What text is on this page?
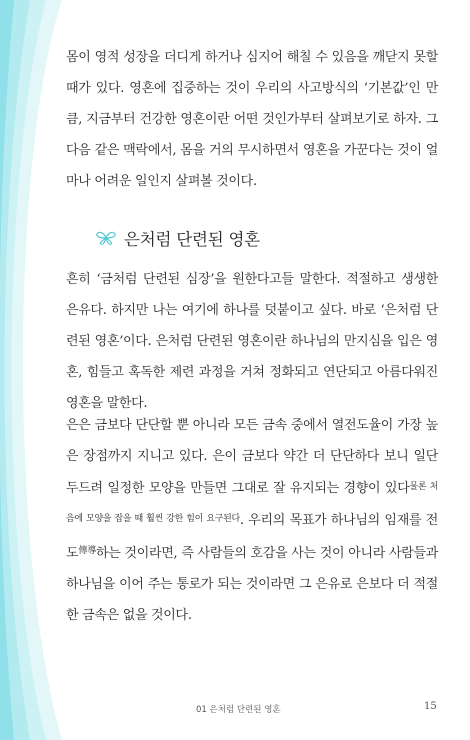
몸이 영적 성장을 더디게 하거나 심지어 해칠 수 있음을 깨닫지 못할 때가 있다. 영혼에 집중하는 것이 우리의 사고방식의 ‘기본값’인 만큼, 지금부터 건강한 영혼이란 어떤 것인가부터 살펴보기로 하자. 그다음 같은 맥락에서, 몸을 거의 무시하면서 영혼을 가꾼다는 것이 얼마나 어려운 일인지 살펴볼 것이다.

은처럼 단련된 영혼

흔히 ‘금처럼 단련된 심장’을 원한다고들 말한다. 적절하고 생생한 은유다. 하지만 나는 여기에 하나를 덧붙이고 싶다. 바로 ‘은처럼 단련된 영혼’이다. 은처럼 단련된 영혼이란 하나님의 만지심을 입은 영혼, 힘들고 혹독한 제련 과정을 거쳐 정화되고 연단되고 아름다워진 영혼을 말한다.

은은 금보다 단단할 뿐 아니라 모든 금속 중에서 열전도율이 가장 높은 장점까지 지니고 있다. 은이 금보다 약간 더 단단하다 보니 일단 두드려 일정한 모양을 만들면 그대로 잘 유지되는 경향이 있다$^{물론 처음에 모양을 잡을 때 훨씬 강한 힘이 요구된다}$. 우리의 목표가 하나님의 임재를 전도$^{傳導}$하는 것이라면, 즉 사람들의 호감을 사는 것이 아니라 사람들과 하나님을 이어 주는 통로가 되는 것이라면 그 은유로 은보다 더 적절한 금속은 없을 것이다.

01 은처럼 단련된 영혼	15
